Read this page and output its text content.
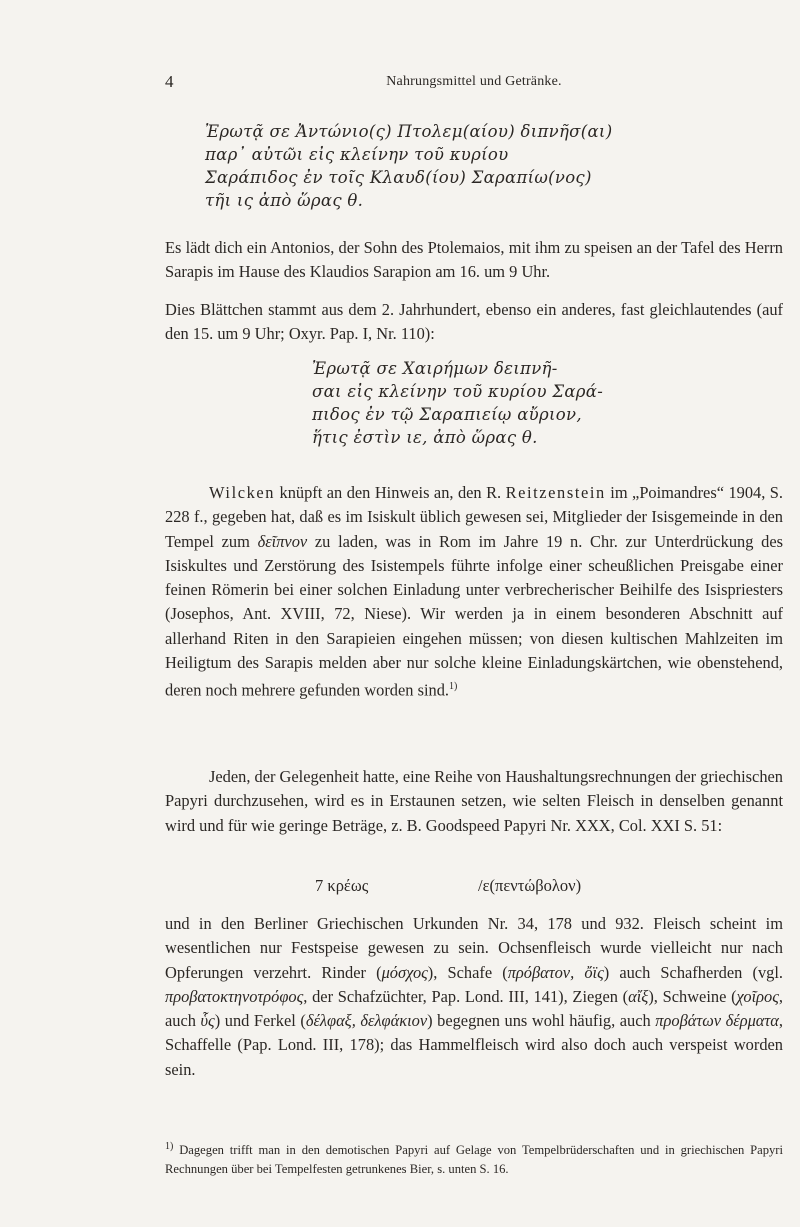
4	Nahrungsmittel und Getränke.
Ἐρωτᾷ σε Ἀντώνιο(ς) Πτολεμ(αίου) διπνῆσ(αι)
παρ᾽ αὐτῶι εἰς κλείνην τοῦ κυρίου
Σαράπιδος ἐν τοῖς Κλαυδ(ίου) Σαραπίω(νος)
τῆι ις ἀπὸ ὥρας θ.
Es lädt dich ein Antonios, der Sohn des Ptolemaios, mit ihm zu speisen an der Tafel des Herrn Sarapis im Hause des Klaudios Sarapion am 16. um 9 Uhr.
Dies Blättchen stammt aus dem 2. Jahrhundert, ebenso ein anderes, fast gleichlautendes (auf den 15. um 9 Uhr; Oxyr. Pap. I, Nr. 110):
Ἐρωτᾷ σε Χαιρήμων δειπνῆ-
σαι εἰς κλείνην τοῦ κυρίου Σαρά-
πιδος ἐν τῷ Σαραπιείῳ αὔριον,
ἥτις ἐστὶν ιε, ἀπὸ ὥρας θ.
Wilcken knüpft an den Hinweis an, den R. Reitzenstein im „Poimandres“ 1904, S. 228 f., gegeben hat, daß es im Isiskult üblich gewesen sei, Mitglieder der Isisgemeinde in den Tempel zum δεῖπνον zu laden, was in Rom im Jahre 19 n. Chr. zur Unterdrückung des Isiskultes und Zerstörung des Isistempels führte infolge einer scheußlichen Preisgabe einer feinen Römerin bei einer solchen Einladung unter verbrecherischer Beihilfe des Isispriesters (Josephos, Ant. XVIII, 72, Niese). Wir werden ja in einem besonderen Abschnitt auf allerhand Riten in den Sarapieien eingehen müssen; von diesen kultischen Mahlzeiten im Heiligtum des Sarapis melden aber nur solche kleine Einladungskärtchen, wie obenstehend, deren noch mehrere gefunden worden sind.$^{1)}$
Jeden, der Gelegenheit hatte, eine Reihe von Haushaltungsrechnungen der griechischen Papyri durchzusehen, wird es in Erstaunen setzen, wie selten Fleisch in denselben genannt wird und für wie geringe Beträge, z. B. Goodspeed Papyri Nr. XXX, Col. XXI S. 51:
7 κρέως	/ε(πεντώβολον)
und in den Berliner Griechischen Urkunden Nr. 34, 178 und 932. Fleisch scheint im wesentlichen nur Festspeise gewesen zu sein. Ochsenfleisch wurde vielleicht nur nach Opferungen verzehrt. Rinder (μόσχος), Schafe (πρόβατον, ὄϊς) auch Schafherden (vgl. προβατοκτηνοτρόφος, der Schafzüchter, Pap. Lond. III, 141), Ziegen (αἴξ), Schweine (χοῖρος, auch ὗς) und Ferkel (δέλφαξ, δελφάκιον) begegnen uns wohl häufig, auch προβάτων δέρματα, Schaffelle (Pap. Lond. III, 178); das Hammelfleisch wird also doch auch verspeist worden sein.
$^{1)}$ Dagegen trifft man in den demotischen Papyri auf Gelage von Tempelbrüderschaften und in griechischen Papyri Rechnungen über bei Tempelfesten getrunkenes Bier, s. unten S. 16.
